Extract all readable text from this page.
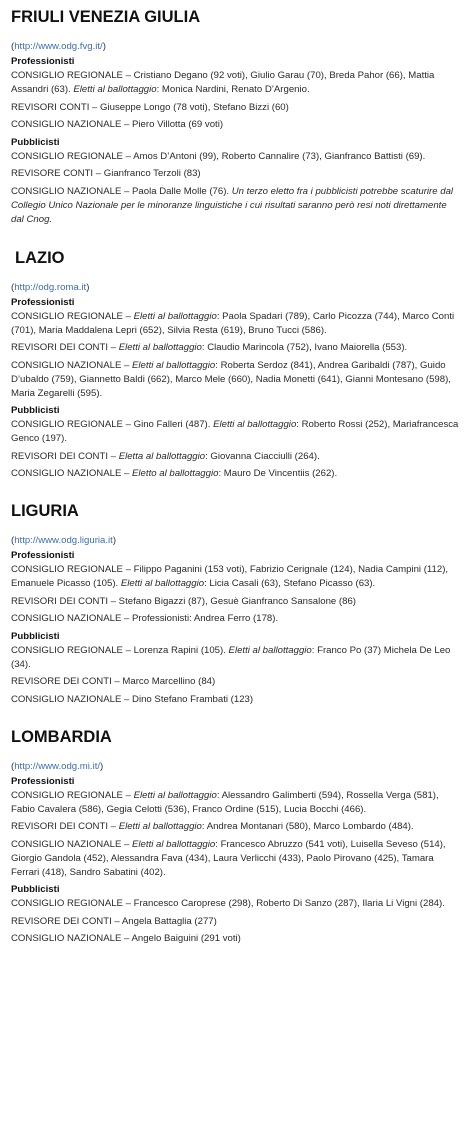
FRIULI VENEZIA GIULIA
(http://www.odg.fvg.it/)
Professionisti

CONSIGLIO REGIONALE – Cristiano Degano (92 voti), Giulio Garau (70), Breda Pahor (66), Mattia Assandri (63). Eletti al ballottaggio: Monica Nardini, Renato D’Argenio.

REVISORI CONTI – Giuseppe Longo (78 voti), Stefano Bizzi (60)

CONSIGLIO NAZIONALE – Piero Villotta (69 voti)

Pubblicisti

CONSIGLIO REGIONALE – Amos D’Antoni (99), Roberto Cannalire (73), Gianfranco Battisti (69).

REVISORE CONTI – Gianfranco Terzoli (83)

CONSIGLIO NAZIONALE – Paola Dalle Molle (76). Un terzo eletto fra i pubblicisti potrebbe scaturire dal Collegio Unico Nazionale per le minoranze linguistiche i cui risultati saranno però resi noti direttamente dal Cnog.

LAZIO
(http://odg.roma.it)
Professionisti

CONSIGLIO REGIONALE – Eletti al ballottaggio: Paola Spadari (789), Carlo Picozza (744), Marco Conti (701), Maria Maddalena Lepri (652), Silvia Resta (619), Bruno Tucci (586).

REVISORI DEI CONTI – Eletti al ballottaggio: Claudio Marincola (752), Ivano Maiorella (553).

CONSIGLIO NAZIONALE – Eletti al ballottaggio: Roberta Serdoz (841), Andrea Garibaldi (787), Guido D’ubaldo (759), Giannetto Baldi (662), Marco Mele (660), Nadia Monetti (641), Gianni Montesano (598), Maria Zegarelli (595).

Pubblicisti

CONSIGLIO REGIONALE – Gino Falleri (487). Eletti al ballottaggio: Roberto Rossi (252), Mariafrancesca Genco (197).

REVISORI DEI CONTI – Eletta al ballottaggio: Giovanna Ciacciulli (264).

CONSIGLIO NAZIONALE – Eletto al ballottaggio: Mauro De Vincentiis (262).

LIGURIA
(http://www.odg.liguria.it)
Professionisti

CONSIGLIO REGIONALE – Filippo Paganini (153 voti), Fabrizio Cerignale (124), Nadia Campini (112), Emanuele Picasso (105). Eletti al ballottaggio: Licia Casali (63), Stefano Picasso (63).

REVISORI DEI CONTI – Stefano Bigazzi (87), Gesuè Gianfranco Sansalone (86)

CONSIGLIO NAZIONALE – Professionisti: Andrea Ferro (178).

Pubblicisti

CONSIGLIO REGIONALE – Lorenza Rapini (105). Eletti al ballottaggio: Franco Po (37) Michela De Leo (34).

REVISORE DEI CONTI – Marco Marcellino (84)

CONSIGLIO NAZIONALE – Dino Stefano Frambati (123)

LOMBARDIA
(http://www.odg.mi.it/)
Professionisti

CONSIGLIO REGIONALE – Eletti al ballottaggio: Alessandro Galimberti (594), Rossella Verga (581), Fabio Cavalera (586), Gegia Celotti (536), Franco Ordine (515), Lucia Bocchi (466).

REVISORI DEI CONTI – Eletti al ballottaggio: Andrea Montanari (580), Marco Lombardo (484).

CONSIGLIO NAZIONALE – Eletti al ballottaggio: Francesco Abruzzo (541 voti), Luisella Seveso (514), Giorgio Gandola (452), Alessandra Fava (434), Laura Verlicchi (433), Paolo Pirovano (425), Tamara Ferrari (418), Sandro Sabatini (402).

Pubblicisti

CONSIGLIO REGIONALE – Francesco Caroprese (298), Roberto Di Sanzo (287), Ilaria Li Vigni (284).

REVISORE DEI CONTI – Angela Battaglia (277)

CONSIGLIO NAZIONALE – Angelo Baiguini (291 voti)
